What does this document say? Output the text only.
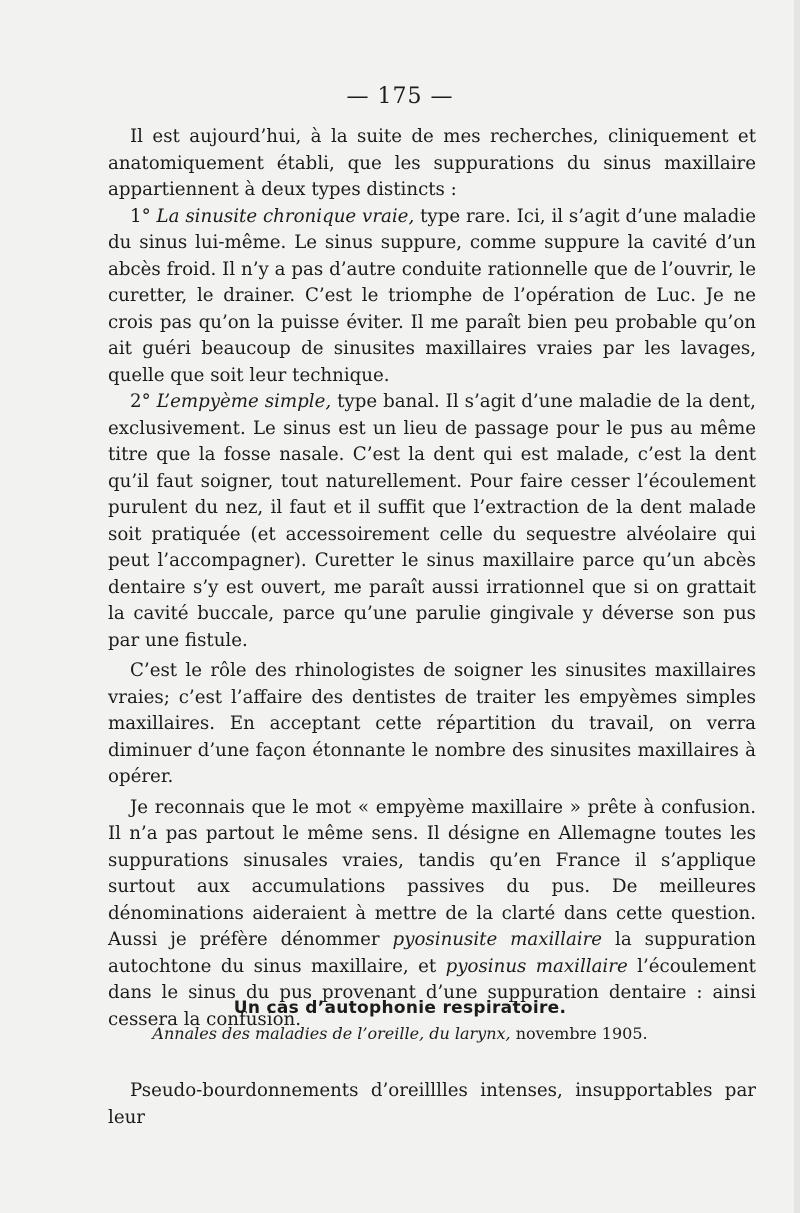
— 175 —

Il est aujourd’hui, à la suite de mes recherches, cliniquement et anatomiquement établi, que les suppurations du sinus maxillaire appartiennent à deux types distincts :

1° La sinusite chronique vraie, type rare. Ici, il s’agit d’une maladie du sinus lui-même. Le sinus suppure, comme suppure la cavité d’un abcès froid. Il n’y a pas d’autre conduite rationnelle que de l’ouvrir, le curetter, le drainer. C’est le triomphe de l’opération de Luc. Je ne crois pas qu’on la puisse éviter. Il me paraît bien peu probable qu’on ait guéri beaucoup de sinusites maxillaires vraies par les lavages, quelle que soit leur technique.

2° L’empyème simple, type banal. Il s’agit d’une maladie de la dent, exclusivement. Le sinus est un lieu de passage pour le pus au même titre que la fosse nasale. C’est la dent qui est malade, c’est la dent qu’il faut soigner, tout naturellement. Pour faire cesser l’écoulement purulent du nez, il faut et il suffit que l’extraction de la dent malade soit pratiquée (et accessoirement celle du sequestre alvéolaire qui peut l’accompagner). Curetter le sinus maxillaire parce qu’un abcès dentaire s’y est ouvert, me paraît aussi irrationnel que si on grattait la cavité buccale, parce qu’une parulie gingivale y déverse son pus par une fistule.

C’est le rôle des rhinologistes de soigner les sinusites maxillaires vraies; c’est l’affaire des dentistes de traiter les empyèmes simples maxillaires. En acceptant cette répartition du travail, on verra diminuer d’une façon étonnante le nombre des sinusites maxillaires à opérer.

Je reconnais que le mot « empyème maxillaire » prête à confusion. Il n’a pas partout le même sens. Il désigne en Allemagne toutes les suppurations sinusales vraies, tandis qu’en France il s’applique surtout aux accumulations passives du pus. De meilleures dénominations aideraient à mettre de la clarté dans cette question. Aussi je préfère dénommer pyosinusite maxillaire la suppuration autochtone du sinus maxillaire, et pyosinus maxillaire l’écoulement dans le sinus du pus provenant d’une suppuration dentaire : ainsi cessera la confusion.

Un cas d’autophonie respiratoire.
Annales des maladies de l’oreille, du larynx, novembre 1905.

Pseudo-bourdonnements d’oreilllles intenses, insupportables par leur
